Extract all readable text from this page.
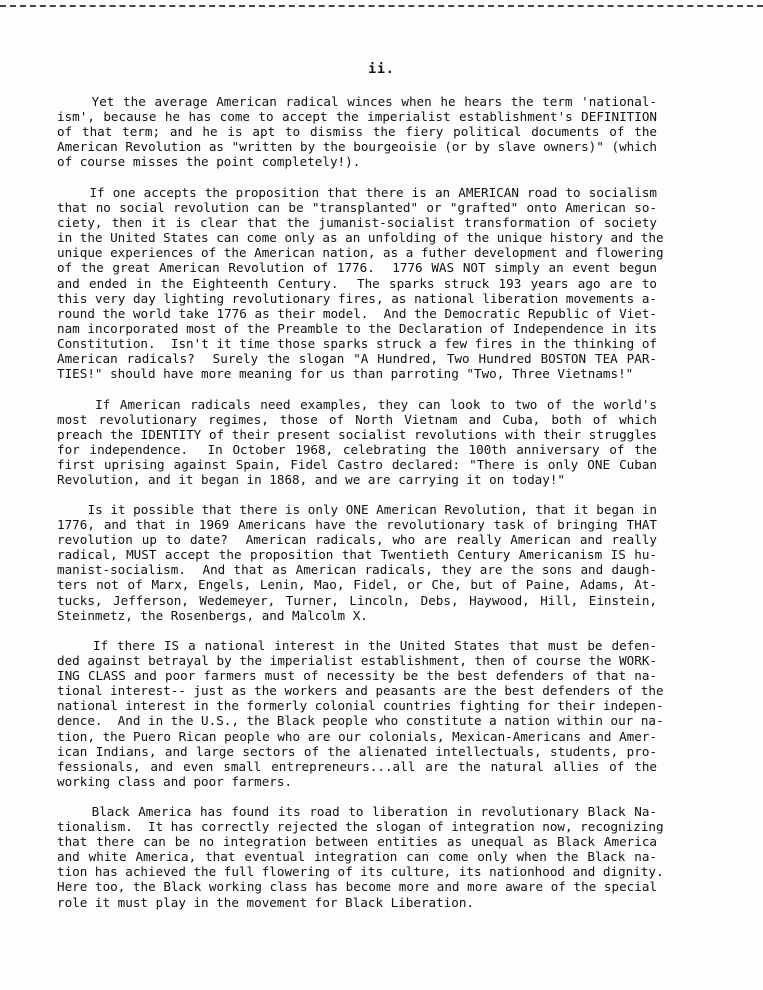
ii.
Yet the average American radical winces when he hears the term 'national-
ism', because he has come to accept the imperialist establishment's DEFINITION
of that term; and he is apt to dismiss the fiery political documents of the
American Revolution as "written by the bourgeoisie (or by slave owners)" (which
of course misses the point completely!).
If one accepts the proposition that there is an AMERICAN road to socialism
that no social revolution can be "transplanted" or "grafted" onto American so-
ciety, then it is clear that the jumanist-socialist transformation of society
in the United States can come only as an unfolding of the unique history and the
unique experiences of the American nation, as a futher development and flowering
of the great American Revolution of 1776.  1776 WAS NOT simply an event begun
and ended in the Eighteenth Century.  The sparks struck 193 years ago are to
this very day lighting revolutionary fires, as national liberation movements a-
round the world take 1776 as their model.  And the Democratic Republic of Viet-
nam incorporated most of the Preamble to the Declaration of Independence in its
Constitution.  Isn't it time those sparks struck a few fires in the thinking of
American radicals?  Surely the slogan "A Hundred, Two Hundred BOSTON TEA PAR-
TIES!" should have more meaning for us than parroting "Two, Three Vietnams!"
If American radicals need examples, they can look to two of the world's
most revolutionary regimes, those of North Vietnam and Cuba, both of which
preach the IDENTITY of their present socialist revolutions with their struggles
for independence.  In October 1968, celebrating the 100th anniversary of the
first uprising against Spain, Fidel Castro declared: "There is only ONE Cuban
Revolution, and it began in 1868, and we are carrying it on today!"
Is it possible that there is only ONE American Revolution, that it began in
1776, and that in 1969 Americans have the revolutionary task of bringing THAT
revolution up to date?  American radicals, who are really American and really
radical, MUST accept the proposition that Twentieth Century Americanism IS hu-
manist-socialism.  And that as American radicals, they are the sons and daugh-
ters not of Marx, Engels, Lenin, Mao, Fidel, or Che, but of Paine, Adams, At-
tucks, Jefferson, Wedemeyer, Turner, Lincoln, Debs, Haywood, Hill, Einstein,
Steinmetz, the Rosenbergs, and Malcolm X.
If there IS a national interest in the United States that must be defen-
ded against betrayal by the imperialist establishment, then of course the WORK-
ING CLASS and poor farmers must of necessity be the best defenders of that na-
tional interest-- just as the workers and peasants are the best defenders of the
national interest in the formerly colonial countries fighting for their indepen-
dence.  And in the U.S., the Black people who constitute a nation within our na-
tion, the Puero Rican people who are our colonials, Mexican-Americans and Amer-
ican Indians, and large sectors of the alienated intellectuals, students, pro-
fessionals, and even small entrepreneurs...all are the natural allies of the
working class and poor farmers.
Black America has found its road to liberation in revolutionary Black Na-
tionalism.  It has correctly rejected the slogan of integration now, recognizing
that there can be no integration between entities as unequal as Black America
and white America, that eventual integration can come only when the Black na-
tion has achieved the full flowering of its culture, its nationhood and dignity.
Here too, the Black working class has become more and more aware of the special
role it must play in the movement for Black Liberation.
